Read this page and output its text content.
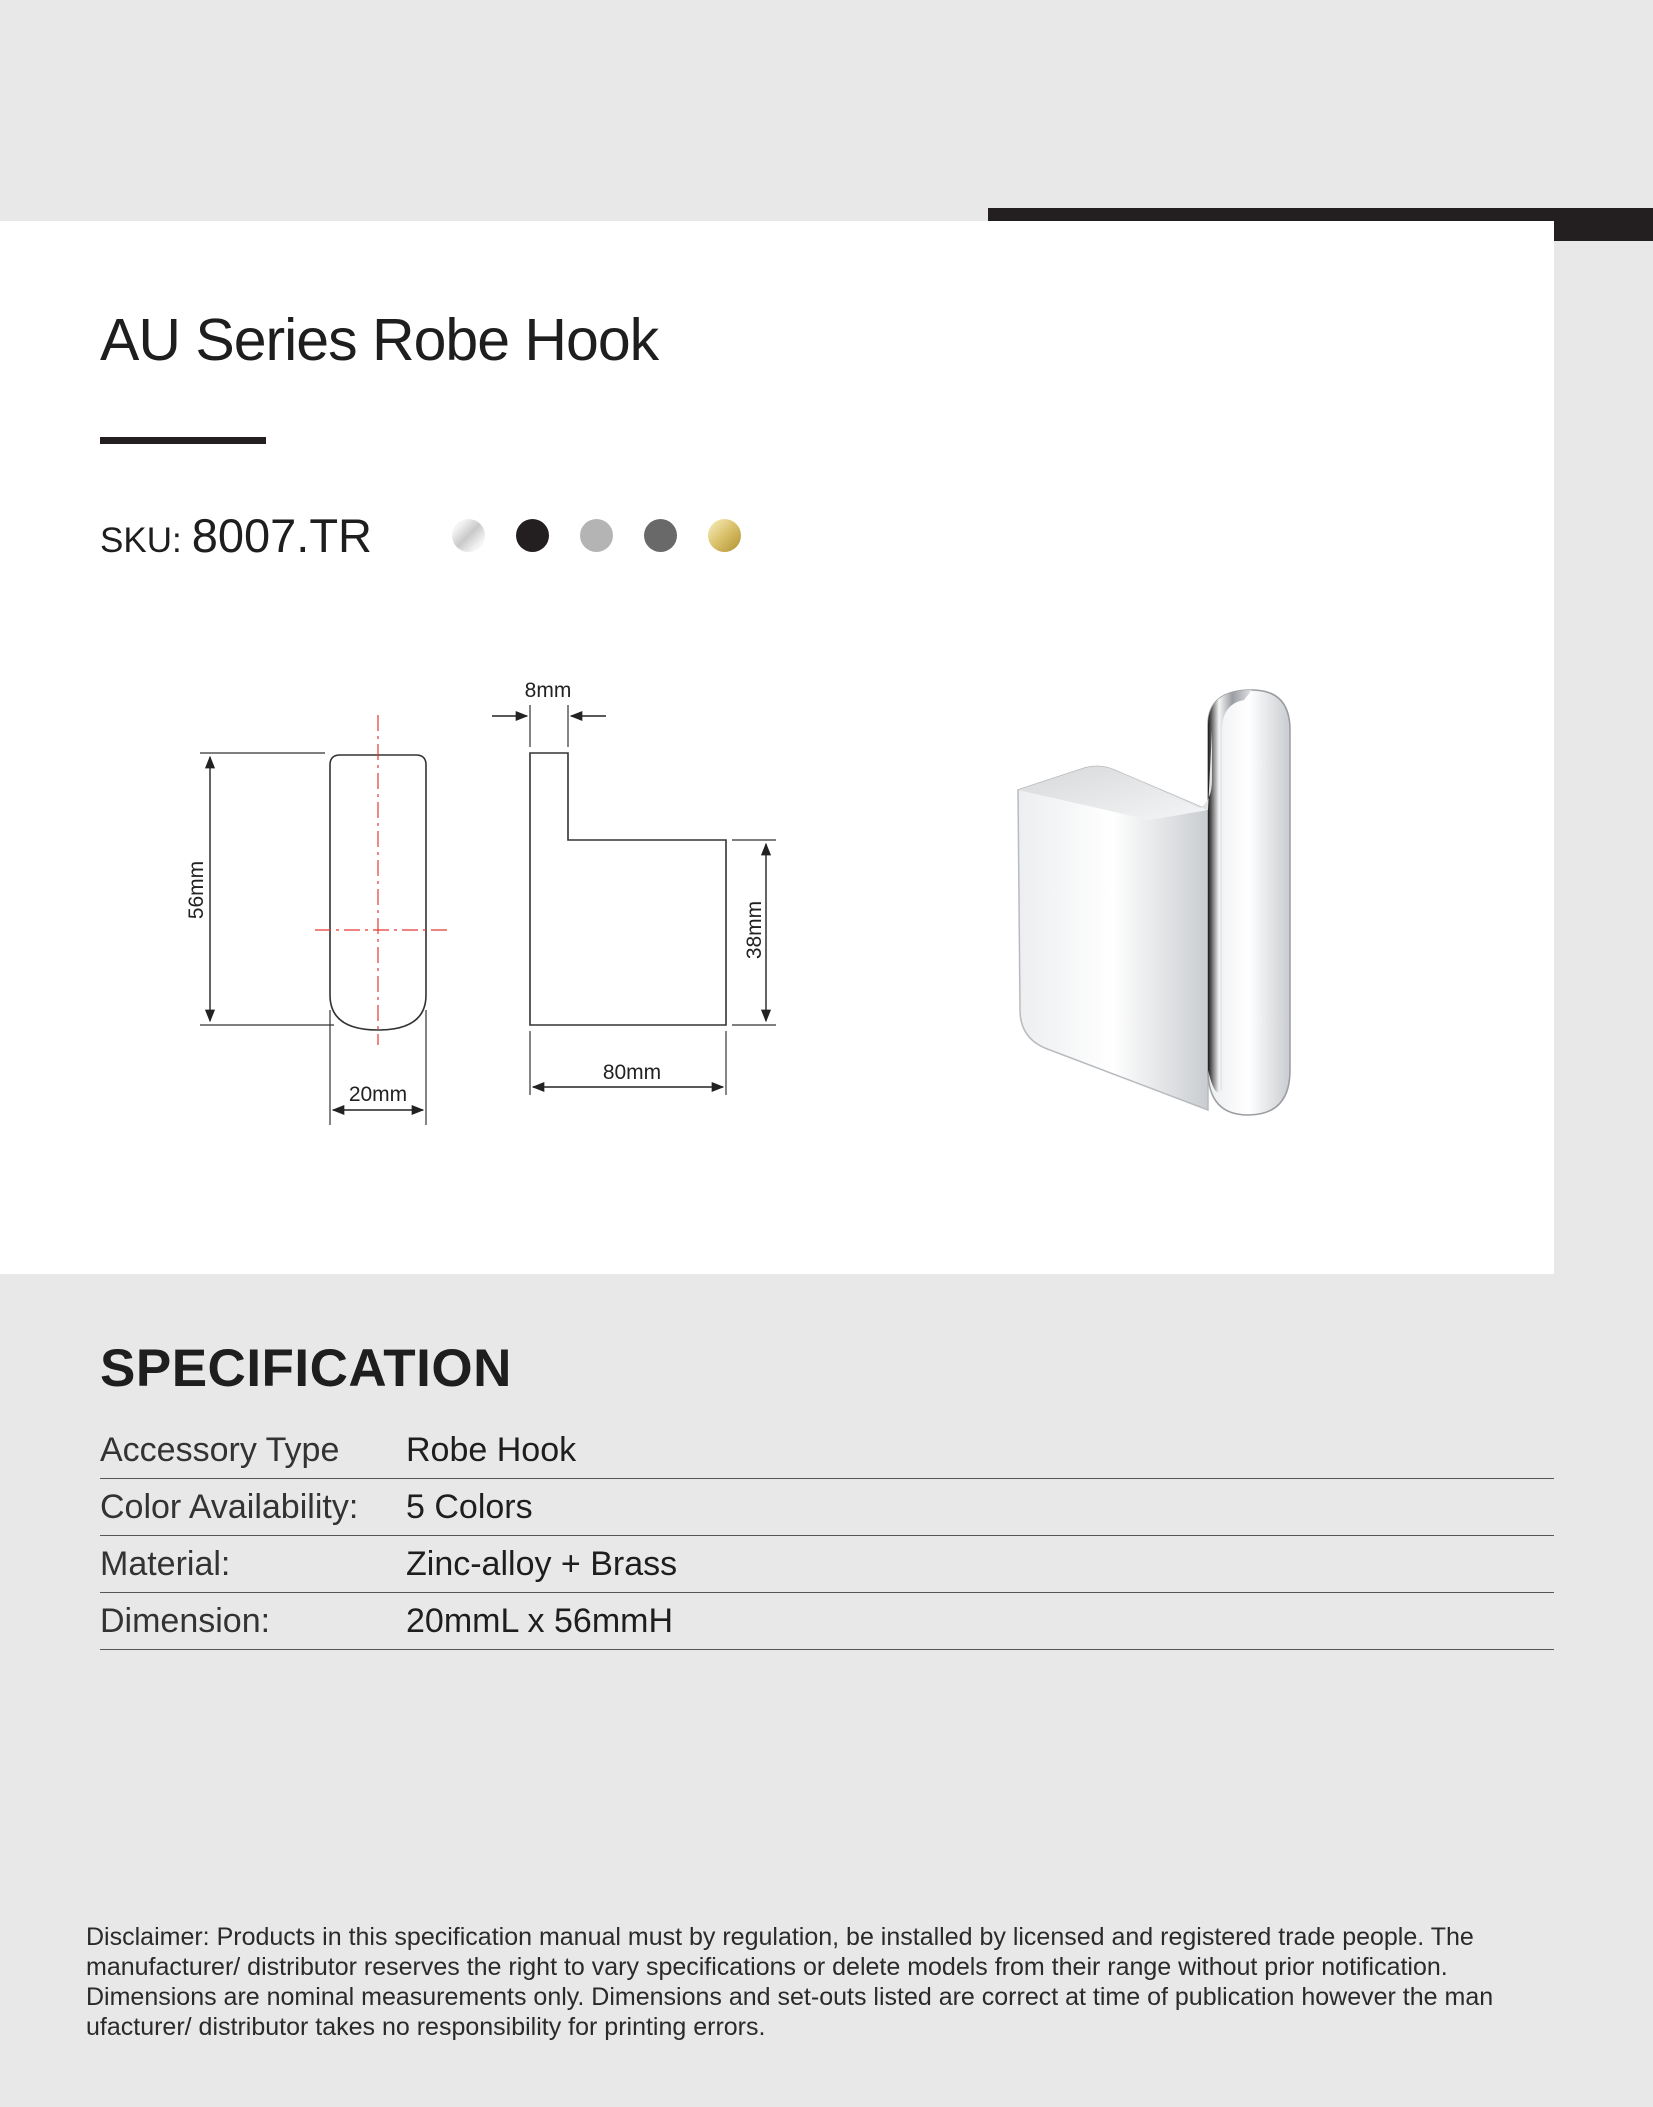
AU Series Robe Hook
SKU: 8007.TR
56mm
20mm
8mm
38mm
80mm
SPECIFICATION
Accessory Type	Robe Hook
Color Availability:	5 Colors
Material:	Zinc-alloy + Brass
Dimension:	20mmL x 56mmH

Disclaimer: Products in this specification manual must by regulation, be installed by licensed and registered trade people. The manufacturer/ distributor reserves the right to vary specifications or delete models from their range without prior notification. Dimensions are nominal measurements only. Dimensions and set-outs listed are correct at time of publication however the man ufacturer/ distributor takes no responsibility for printing errors.
